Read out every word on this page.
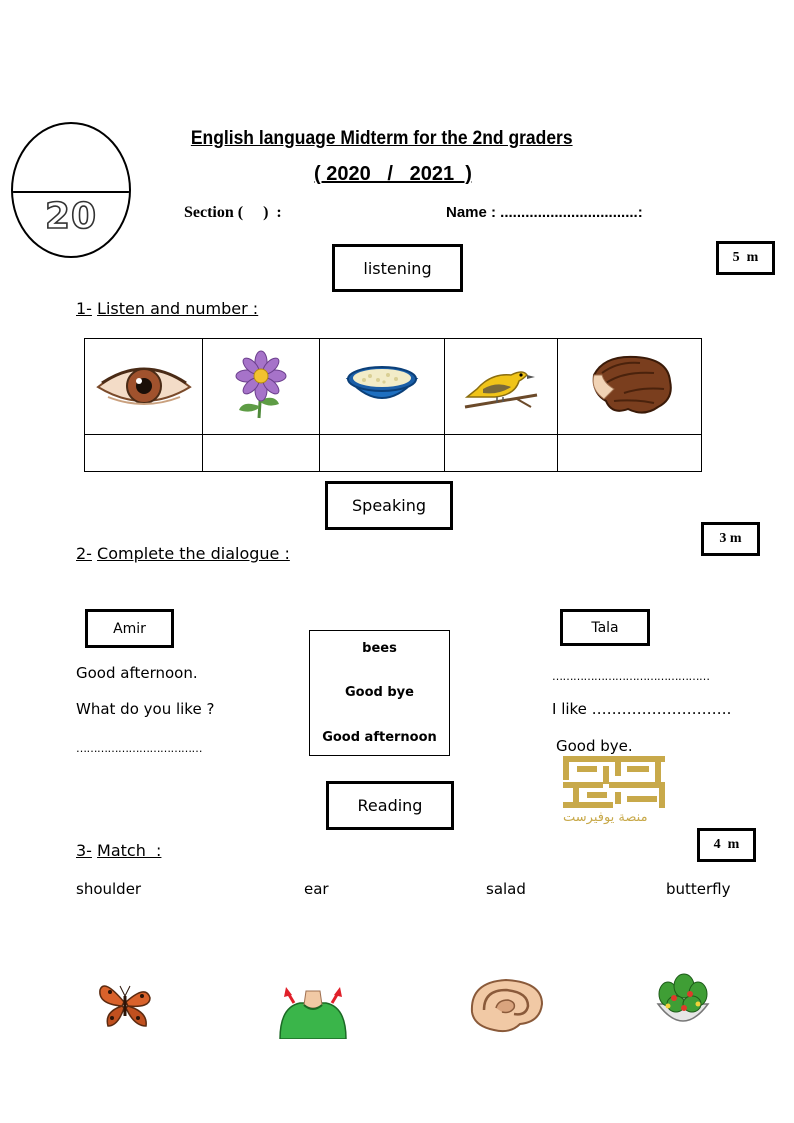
20
English language Midterm for the 2nd graders
( 2020   /   2021  )
Section (     )  :	Name : .................................:
listening
5  m
1- Listen and number :

Speaking
3 m
2- Complete the dialogue :
Amir	Tala
Good afternoon.
What do you like ?
………………………………
………………………………………
I like ……………………….
Good bye.
bees
Good bye
Good afternoon
منصة يوفيرست
Reading
4  m
3- Match  :
shoulder	ear	salad	butterfly
